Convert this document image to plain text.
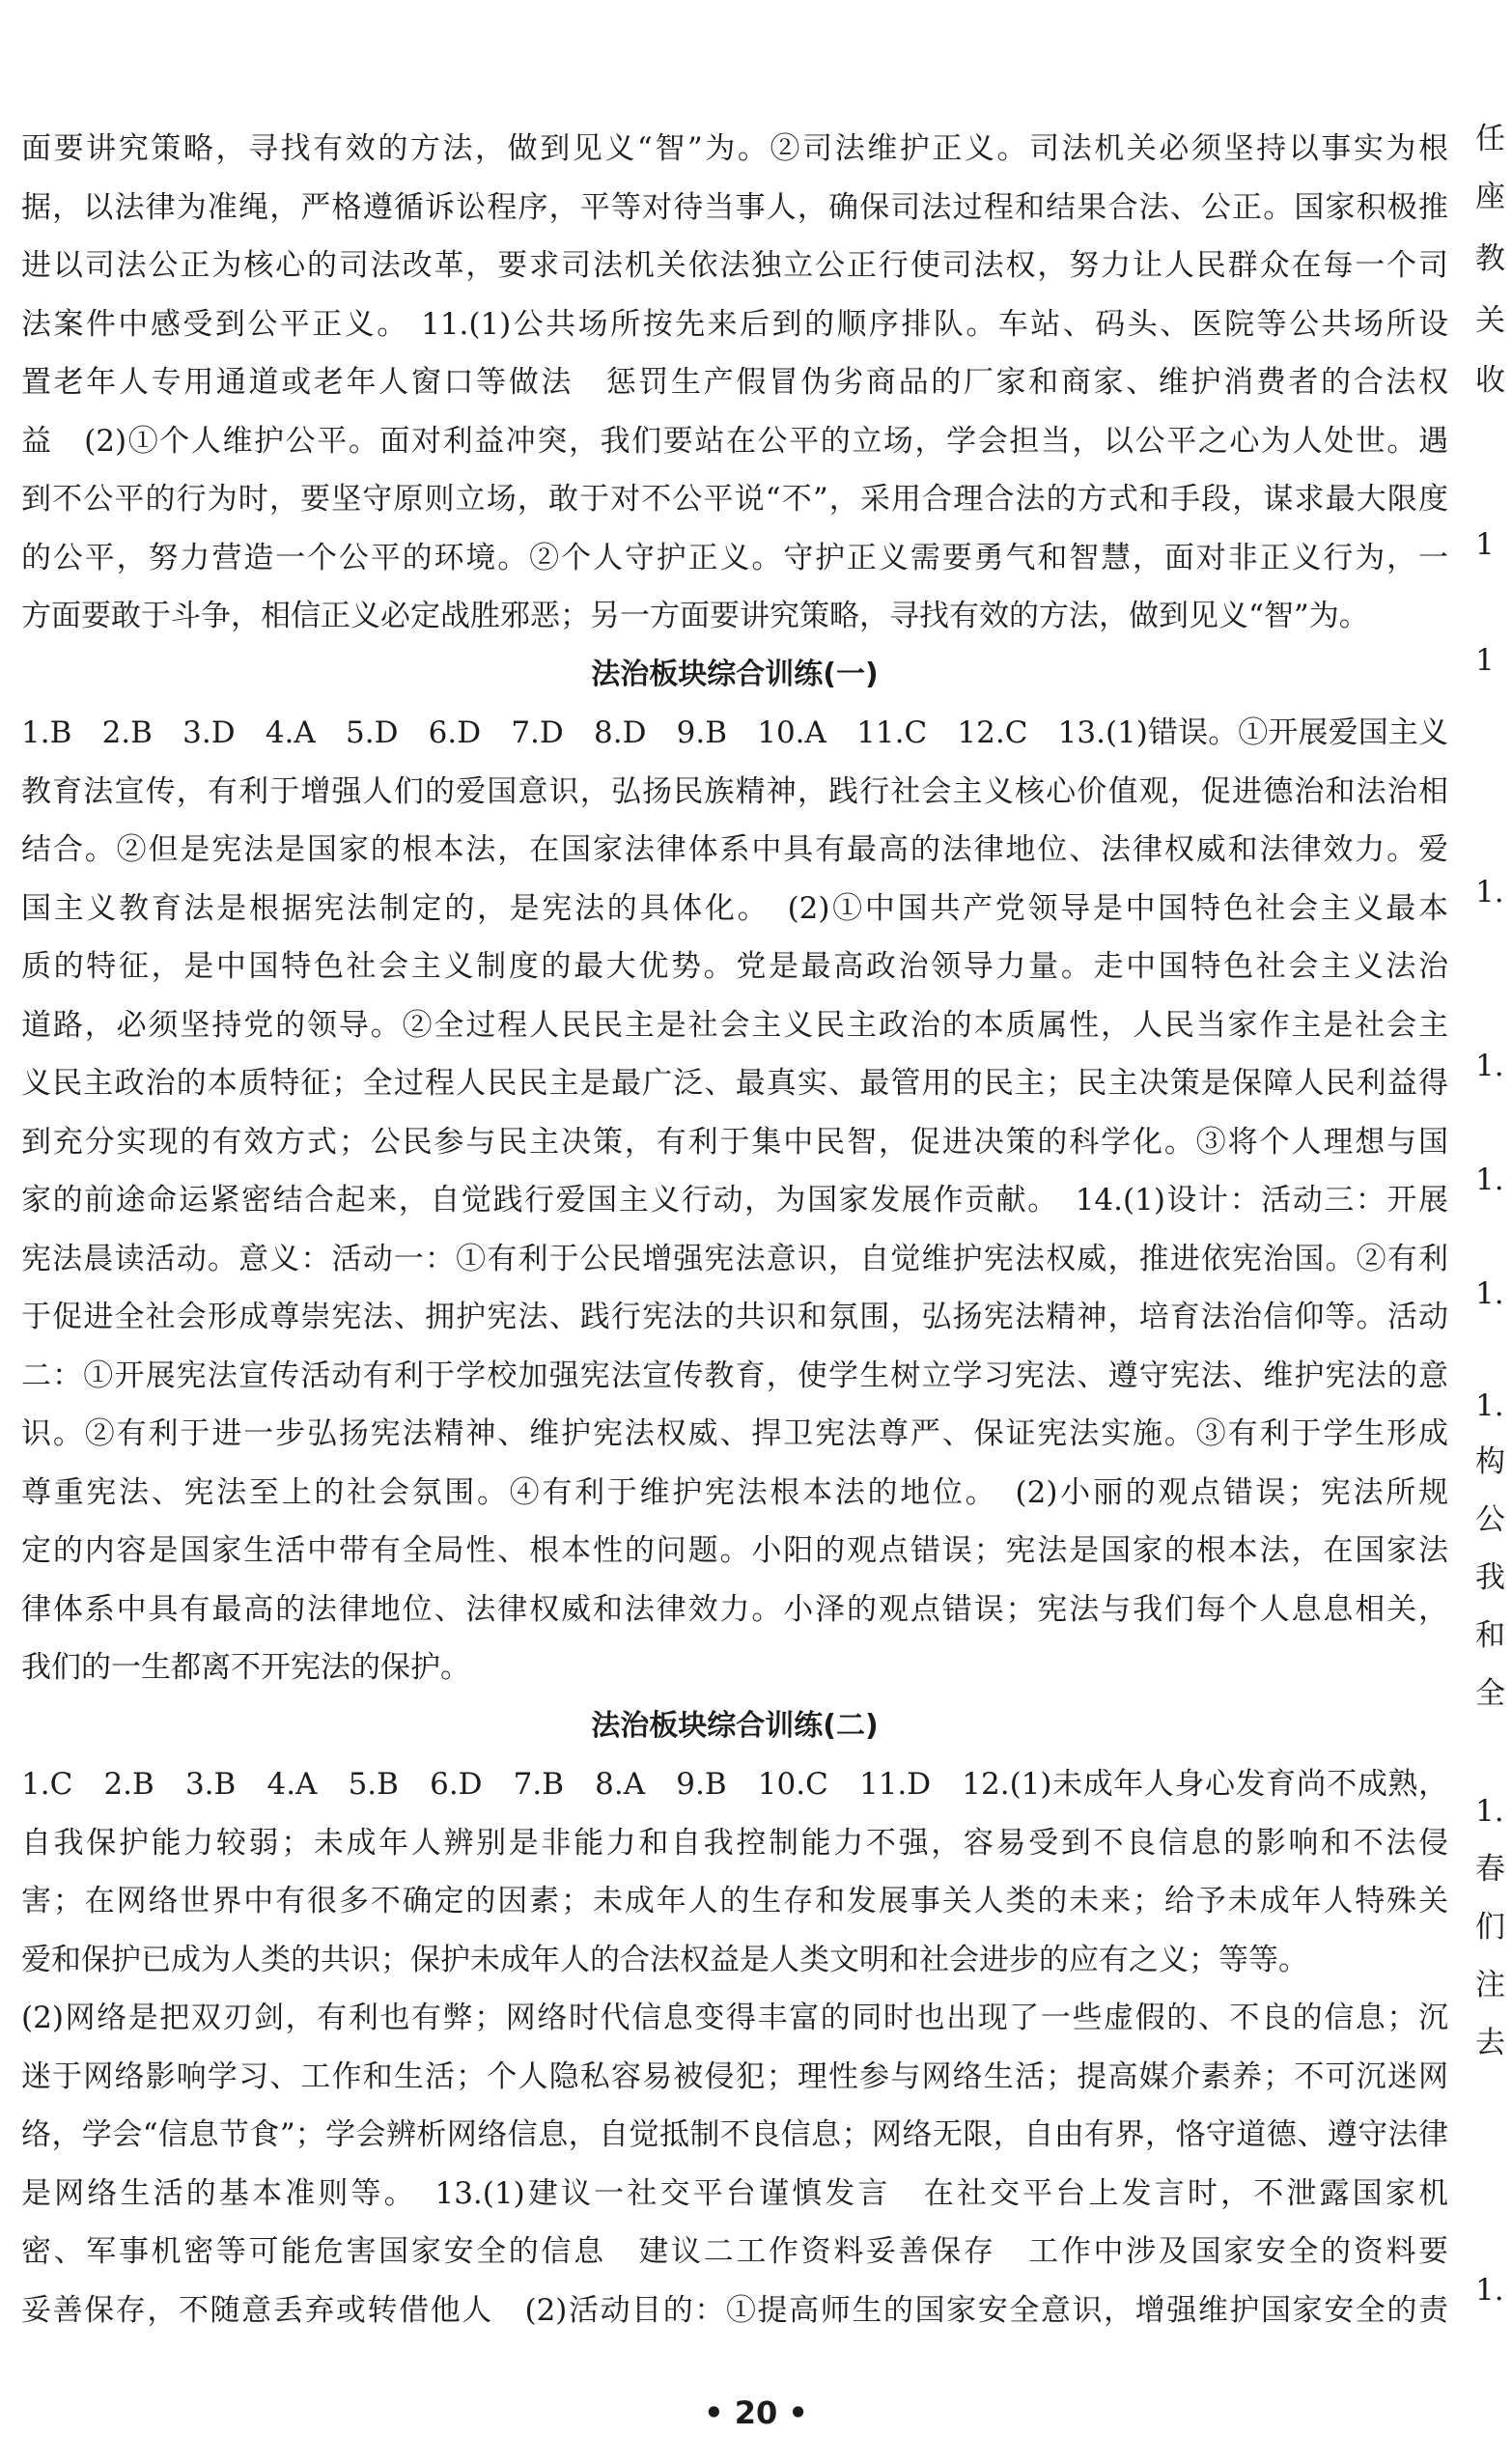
面要讲究策略，寻找有效的方法，做到见义“智”为。②司法维护正义。司法机关必须坚持以事实为根
据，以法律为准绳，严格遵循诉讼程序，平等对待当事人，确保司法过程和结果合法、公正。国家积极推
进以司法公正为核心的司法改革，要求司法机关依法独立公正行使司法权，努力让人民群众在每一个司
法案件中感受到公平正义。 11.(1)公共场所按先来后到的顺序排队。车站、码头、医院等公共场所设
置老年人专用通道或老年人窗口等做法　惩罚生产假冒伪劣商品的厂家和商家、维护消费者的合法权
益　(2)①个人维护公平。面对利益冲突，我们要站在公平的立场，学会担当，以公平之心为人处世。遇
到不公平的行为时，要坚守原则立场，敢于对不公平说“不”，采用合理合法的方式和手段，谋求最大限度
的公平，努力营造一个公平的环境。②个人守护正义。守护正义需要勇气和智慧，面对非正义行为，一
方面要敢于斗争，相信正义必定战胜邪恶；另一方面要讲究策略，寻找有效的方法，做到见义“智”为。
法治板块综合训练(一)
1.B　2.B　3.D　4.A　5.D　6.D　7.D　8.D　9.B　10.A　11.C　12.C　13.(1)错误。①开展爱国主义
教育法宣传，有利于增强人们的爱国意识，弘扬民族精神，践行社会主义核心价值观，促进德治和法治相
结合。②但是宪法是国家的根本法，在国家法律体系中具有最高的法律地位、法律权威和法律效力。爱
国主义教育法是根据宪法制定的，是宪法的具体化。　(2)①中国共产党领导是中国特色社会主义最本
质的特征，是中国特色社会主义制度的最大优势。党是最高政治领导力量。走中国特色社会主义法治
道路，必须坚持党的领导。②全过程人民民主是社会主义民主政治的本质属性，人民当家作主是社会主
义民主政治的本质特征；全过程人民民主是最广泛、最真实、最管用的民主；民主决策是保障人民利益得
到充分实现的有效方式；公民参与民主决策，有利于集中民智，促进决策的科学化。③将个人理想与国
家的前途命运紧密结合起来，自觉践行爱国主义行动，为国家发展作贡献。　14.(1)设计：活动三：开展
宪法晨读活动。意义：活动一：①有利于公民增强宪法意识，自觉维护宪法权威，推进依宪治国。②有利
于促进全社会形成尊崇宪法、拥护宪法、践行宪法的共识和氛围，弘扬宪法精神，培育法治信仰等。活动
二：①开展宪法宣传活动有利于学校加强宪法宣传教育，使学生树立学习宪法、遵守宪法、维护宪法的意
识。②有利于进一步弘扬宪法精神、维护宪法权威、捍卫宪法尊严、保证宪法实施。③有利于学生形成
尊重宪法、宪法至上的社会氛围。④有利于维护宪法根本法的地位。　(2)小丽的观点错误；宪法所规
定的内容是国家生活中带有全局性、根本性的问题。小阳的观点错误；宪法是国家的根本法，在国家法
律体系中具有最高的法律地位、法律权威和法律效力。小泽的观点错误；宪法与我们每个人息息相关，
我们的一生都离不开宪法的保护。
法治板块综合训练(二)
1.C　2.B　3.B　4.A　5.B　6.D　7.B　8.A　9.B　10.C　11.D　12.(1)未成年人身心发育尚不成熟，
自我保护能力较弱；未成年人辨别是非能力和自我控制能力不强，容易受到不良信息的影响和不法侵
害；在网络世界中有很多不确定的因素；未成年人的生存和发展事关人类的未来；给予未成年人特殊关
爱和保护已成为人类的共识；保护未成年人的合法权益是人类文明和社会进步的应有之义；等等。
(2)网络是把双刃剑，有利也有弊；网络时代信息变得丰富的同时也出现了一些虚假的、不良的信息；沉
迷于网络影响学习、工作和生活；个人隐私容易被侵犯；理性参与网络生活；提高媒介素养；不可沉迷网
络，学会“信息节食”；学会辨析网络信息，自觉抵制不良信息；网络无限，自由有界，恪守道德、遵守法律
是网络生活的基本准则等。　13.(1)建议一社交平台谨慎发言　在社交平台上发言时，不泄露国家机
密、军事机密等可能危害国家安全的信息　建议二工作资料妥善保存　工作中涉及国家安全的资料要
妥善保存，不随意丢弃或转借他人　(2)活动目的：①提高师生的国家安全意识，增强维护国家安全的责
任
座
教
关
收
1
1
1.
1.
1.
1.
1.
构
公
我
和
全
1.
春
们
注
去
1.
• 20 •
